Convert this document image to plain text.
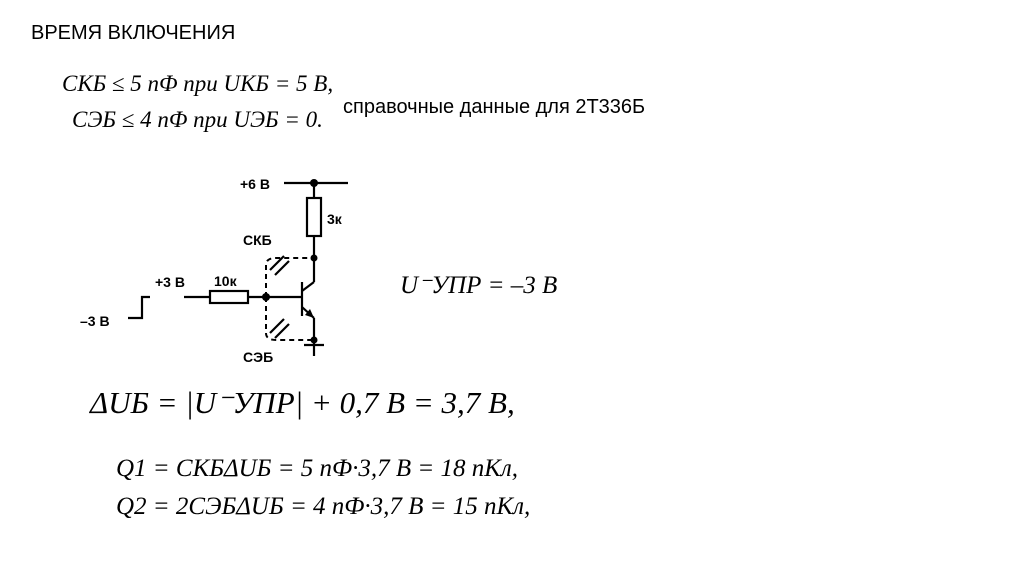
ВРЕМЯ ВКЛЮЧЕНИЯ
CКБ ≤ 5 nФ при UКБ = 5 В,
CЭБ ≤ 4 nФ при UЭБ = 0. справочные данные для 2Т336Б
+6 В
3к
10к
+3 В
–3 В
CКБ
CЭБ
U⁻УПР = –3 В
ΔUБ = |U⁻УПР| + 0,7 В = 3,7 В,
Q1 = CКБΔUБ = 5 nФ·3,7 В = 18 nКл,
Q2 = 2CЭБΔUБ = 4 nФ·3,7 В = 15 nКл,
